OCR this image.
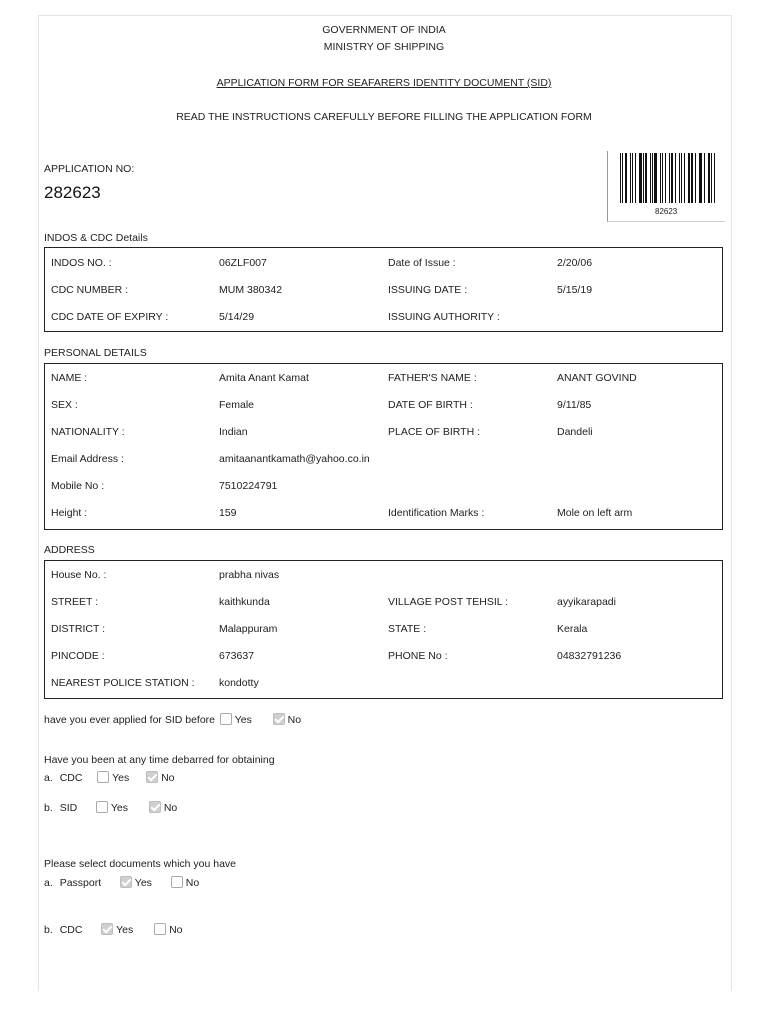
GOVERNMENT OF INDIA
MINISTRY OF SHIPPING
APPLICATION FORM FOR SEAFARERS IDENTITY DOCUMENT (SID)
READ THE INSTRUCTIONS CAREFULLY BEFORE FILLING THE APPLICATION FORM
APPLICATION NO:
282623
82623
INDOS & CDC Details
INDOS NO. :	06ZLF007	Date of Issue :	2/20/06
CDC NUMBER :	MUM 380342	ISSUING DATE :	5/15/19
CDC DATE OF EXPIRY :	5/14/29	ISSUING AUTHORITY :
PERSONAL DETAILS
NAME :	Amita Anant Kamat	FATHER'S NAME :	ANANT GOVIND
SEX :	Female	DATE OF BIRTH :	9/11/85
NATIONALITY :	Indian	PLACE OF BIRTH :	Dandeli
Email Address :	amitaanantkamath@yahoo.co.in
Mobile No :	7510224791
Height :	159	Identification Marks :	Mole on left arm
ADDRESS
House No. :	prabha nivas
STREET :	kaithkunda	VILLAGE POST TEHSIL :	ayyikarapadi
DISTRICT :	Malappuram	STATE :	Kerala
PINCODE :	673637	PHONE No :	04832791236
NEAREST POLICE STATION : kondotty
have you ever applied for SID before Yes	No
Have you been at any time debarred for obtaining
a. CDC	Yes	No
b. SID	Yes	No
Please select documents which you have
a. Passport	Yes	No
b. CDC	Yes	No
